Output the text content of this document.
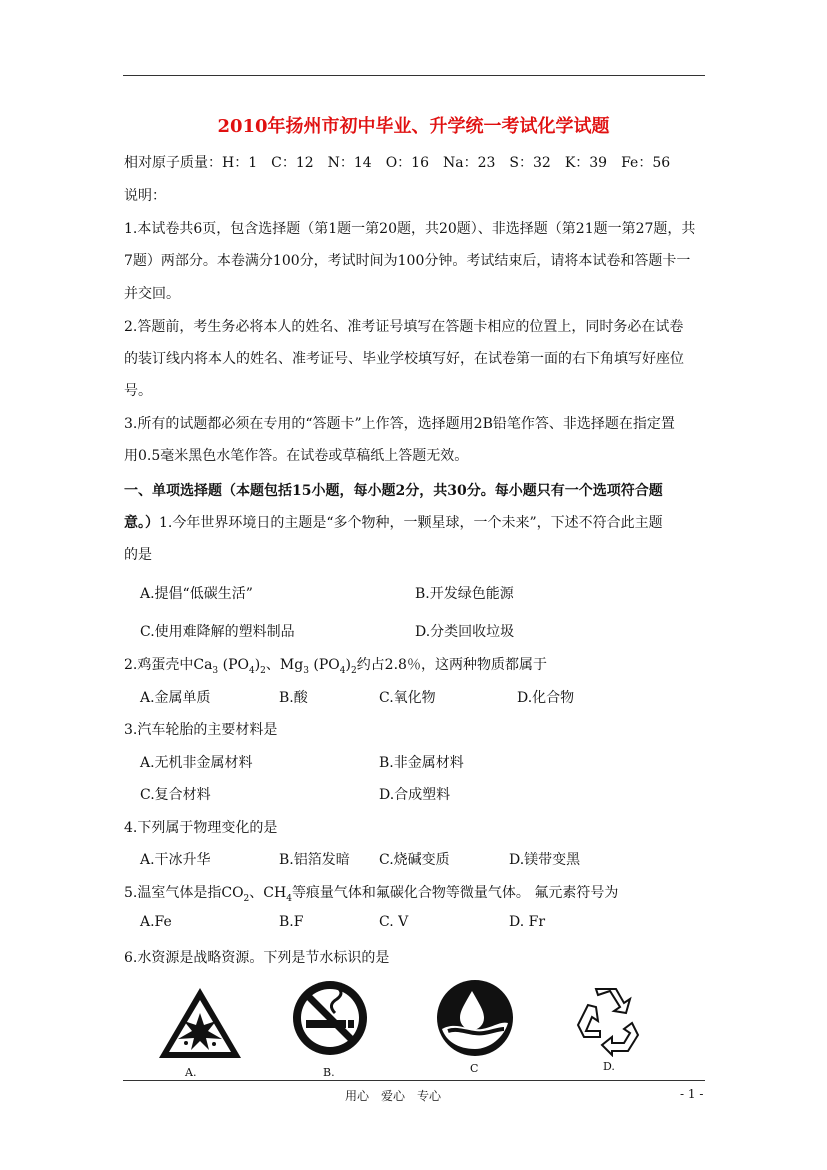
2010年扬州市初中毕业、升学统一考试化学试题
相对原子质量：H：1　C：12　N：14　O：16　Na：23　S：32　K：39　Fe：56
说明：
1.本试卷共6页，包含选择题（第1题一第20题，共20题）、非选择题（第21题一第27题，共
7题）两部分。本卷满分100分，考试时间为100分钟。考试结束后，请将本试卷和答题卡一
并交回。
2.答题前，考生务必将本人的姓名、准考证号填写在答题卡相应的位置上，同时务必在试卷
的装订线内将本人的姓名、准考证号、毕业学校填写好，在试卷第一面的右下角填写好座位
号。
3.所有的试题都必须在专用的“答题卡”上作答，选择题用2B铅笔作答、非选择题在指定置
用0.5毫米黑色水笔作答。在试卷或草稿纸上答题无效。
一、单项选择题（本题包括15小题，每小题2分，共30分。每小题只有一个选项符合题
意。）1.今年世界环境日的主题是“多个物种，一颗星球，一个未来”，下述不符合此主题
的是
A.提倡“低碳生活”	B.开发绿色能源
C.使用难降解的塑料制品	D.分类回收垃圾
2.鸡蛋壳中$Ca_3$ $(PO_4)_2$、$Mg_3$ $(PO_4)_2$约占2.8％，这两种物质都属于
A.金属单质	B.酸	C.氧化物	D.化合物
3.汽车轮胎的主要材料是
A.无机非金属材料	B.非金属材料
C.复合材料	D.合成塑料
4.下列属于物理变化的是
A.干冰升华	B.铝箔发暗 C.烧碱变质	D.镁带变黑
5.温室气体是指$CO_2$、$CH_4$等痕量气体和氟碳化合物等微量气体。 氟元素符号为
A.Fe	B.F	C. V	D. Fr
6.水资源是战略资源。下列是节水标识的是
A.	B.	C	D.
用心　爱心　专心	- 1 -
